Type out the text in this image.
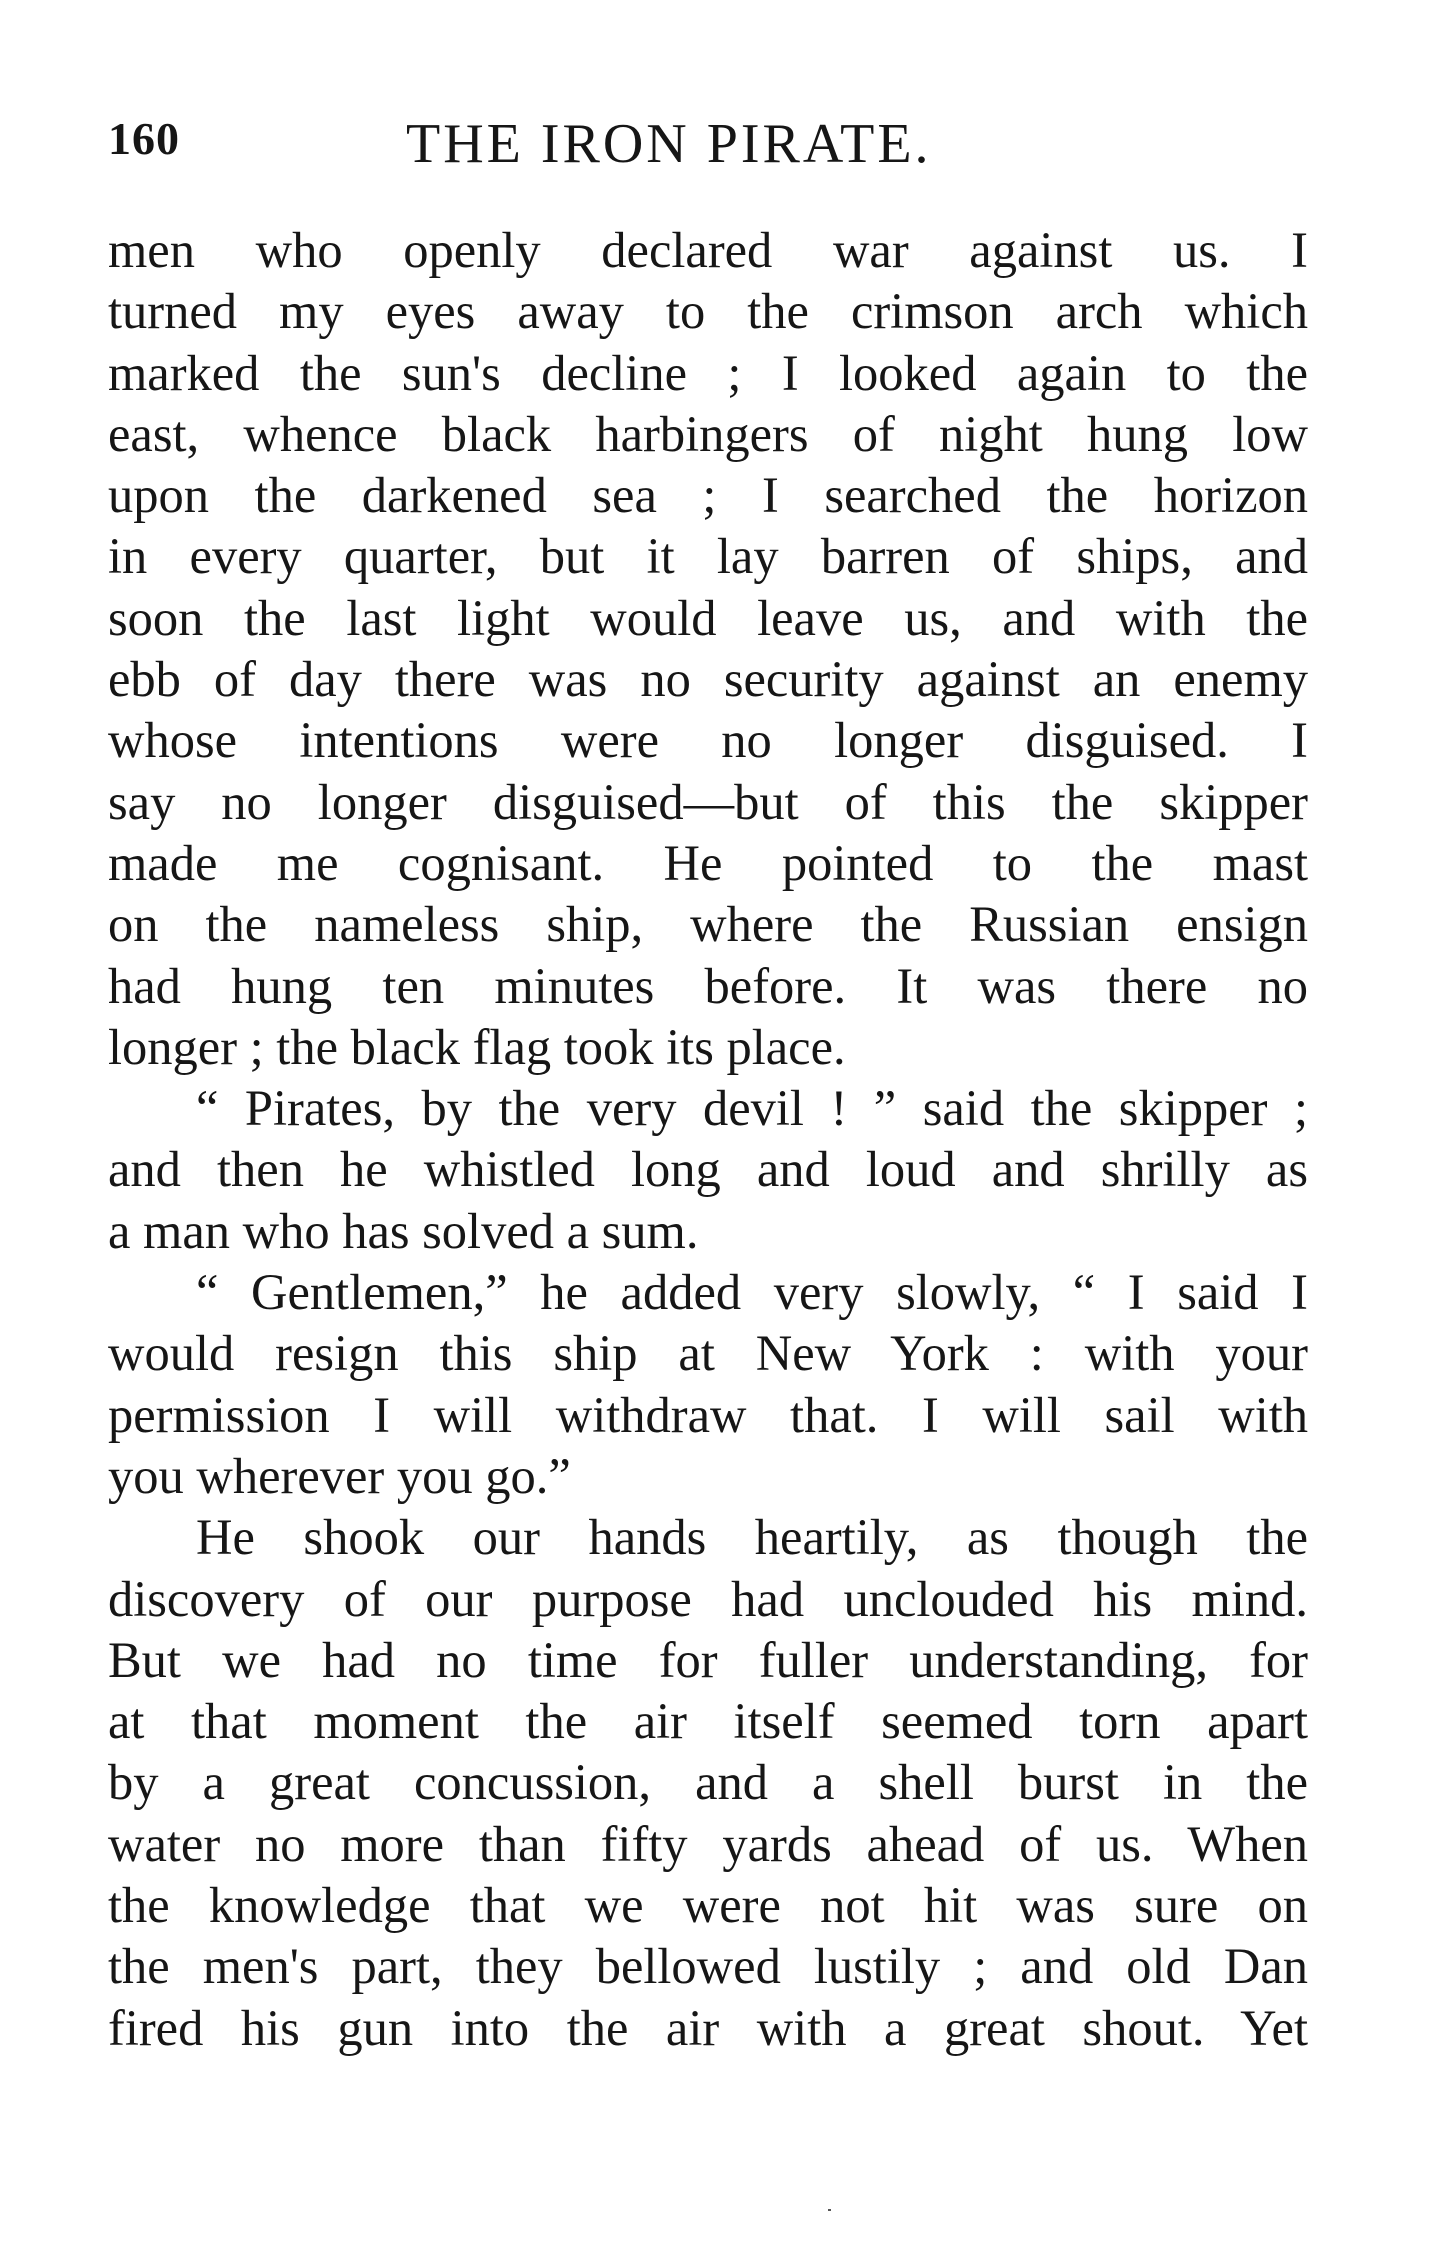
160	THE IRON PIRATE.
men who openly declared war against us. I
turned my eyes away to the crimson arch which
marked the sun's decline ; I looked again to the
east, whence black harbingers of night hung low
upon the darkened sea ; I searched the horizon
in every quarter, but it lay barren of ships, and
soon the last light would leave us, and with the
ebb of day there was no security against an enemy
whose intentions were no longer disguised. I
say no longer disguised—but of this the skipper
made me cognisant. He pointed to the mast
on the nameless ship, where the Russian ensign
had hung ten minutes before. It was there no
longer ; the black flag took its place.
“ Pirates, by the very devil ! ” said the skipper ;
and then he whistled long and loud and shrilly as
a man who has solved a sum.
“ Gentlemen,” he added very slowly, “ I said I
would resign this ship at New York : with your
permission I will withdraw that. I will sail with
you wherever you go.”
He shook our hands heartily, as though the
discovery of our purpose had unclouded his mind.
But we had no time for fuller understanding, for
at that moment the air itself seemed torn apart
by a great concussion, and a shell burst in the
water no more than fifty yards ahead of us. When
the knowledge that we were not hit was sure on
the men's part, they bellowed lustily ; and old Dan
fired his gun into the air with a great shout. Yet
